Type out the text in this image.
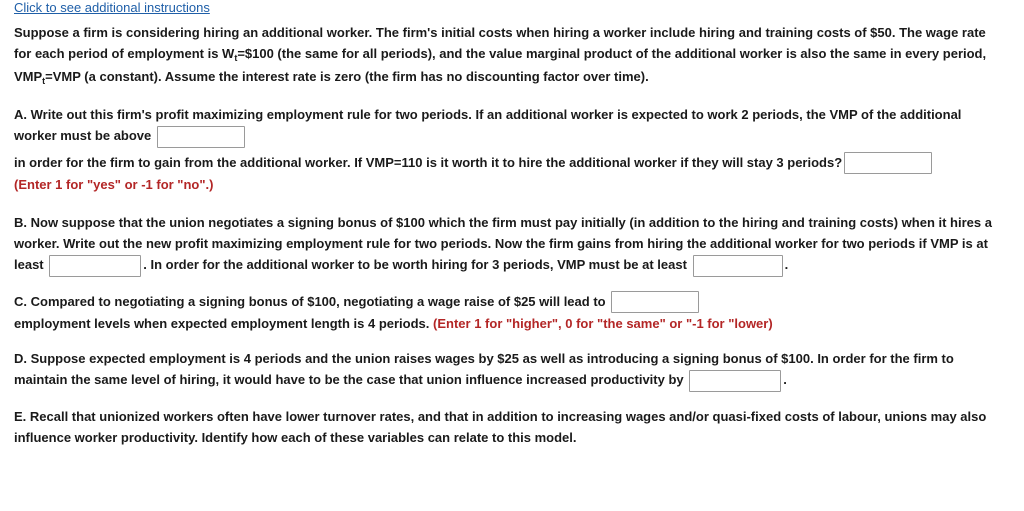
Click to see additional instructions

Suppose a firm is considering hiring an additional worker. The firm's initial costs when hiring a worker include hiring and training costs of $50. The wage rate for each period of employment is $W_t=\$100$ (the same for all periods), and the value marginal product of the additional worker is also the same in every period, $VMP_t=VMP$ (a constant). Assume the interest rate is zero (the firm has no discounting factor over time).

A. Write out this firm's profit maximizing employment rule for two periods. If an additional worker is expected to work 2 periods, the VMP of the additional worker must be above

in order for the firm to gain from the additional worker. If VMP=110 is it worth it to hire the additional worker if they will stay 3 periods?
(Enter 1 for "yes" or -1 for "no".)

B. Now suppose that the union negotiates a signing bonus of $100 which the firm must pay initially (in addition to the hiring and training costs) when it hires a worker. Write out the new profit maximizing employment rule for two periods. Now the firm gains from hiring the additional worker for two periods if VMP is at least	. In order for the additional worker to be worth hiring for 3 periods, VMP must be at least	.

C. Compared to negotiating a signing bonus of $100, negotiating a wage raise of $25 will lead to
employment levels when expected employment length is 4 periods. (Enter 1 for "higher", 0 for "the same" or "-1 for "lower)

D. Suppose expected employment is 4 periods and the union raises wages by $25 as well as introducing a signing bonus of $100. In order for the firm to maintain the same level of hiring, it would have to be the case that union influence increased productivity by	.

E. Recall that unionized workers often have lower turnover rates, and that in addition to increasing wages and/or quasi-fixed costs of labour, unions may also influence worker productivity. Identify how each of these variables can relate to this model.
